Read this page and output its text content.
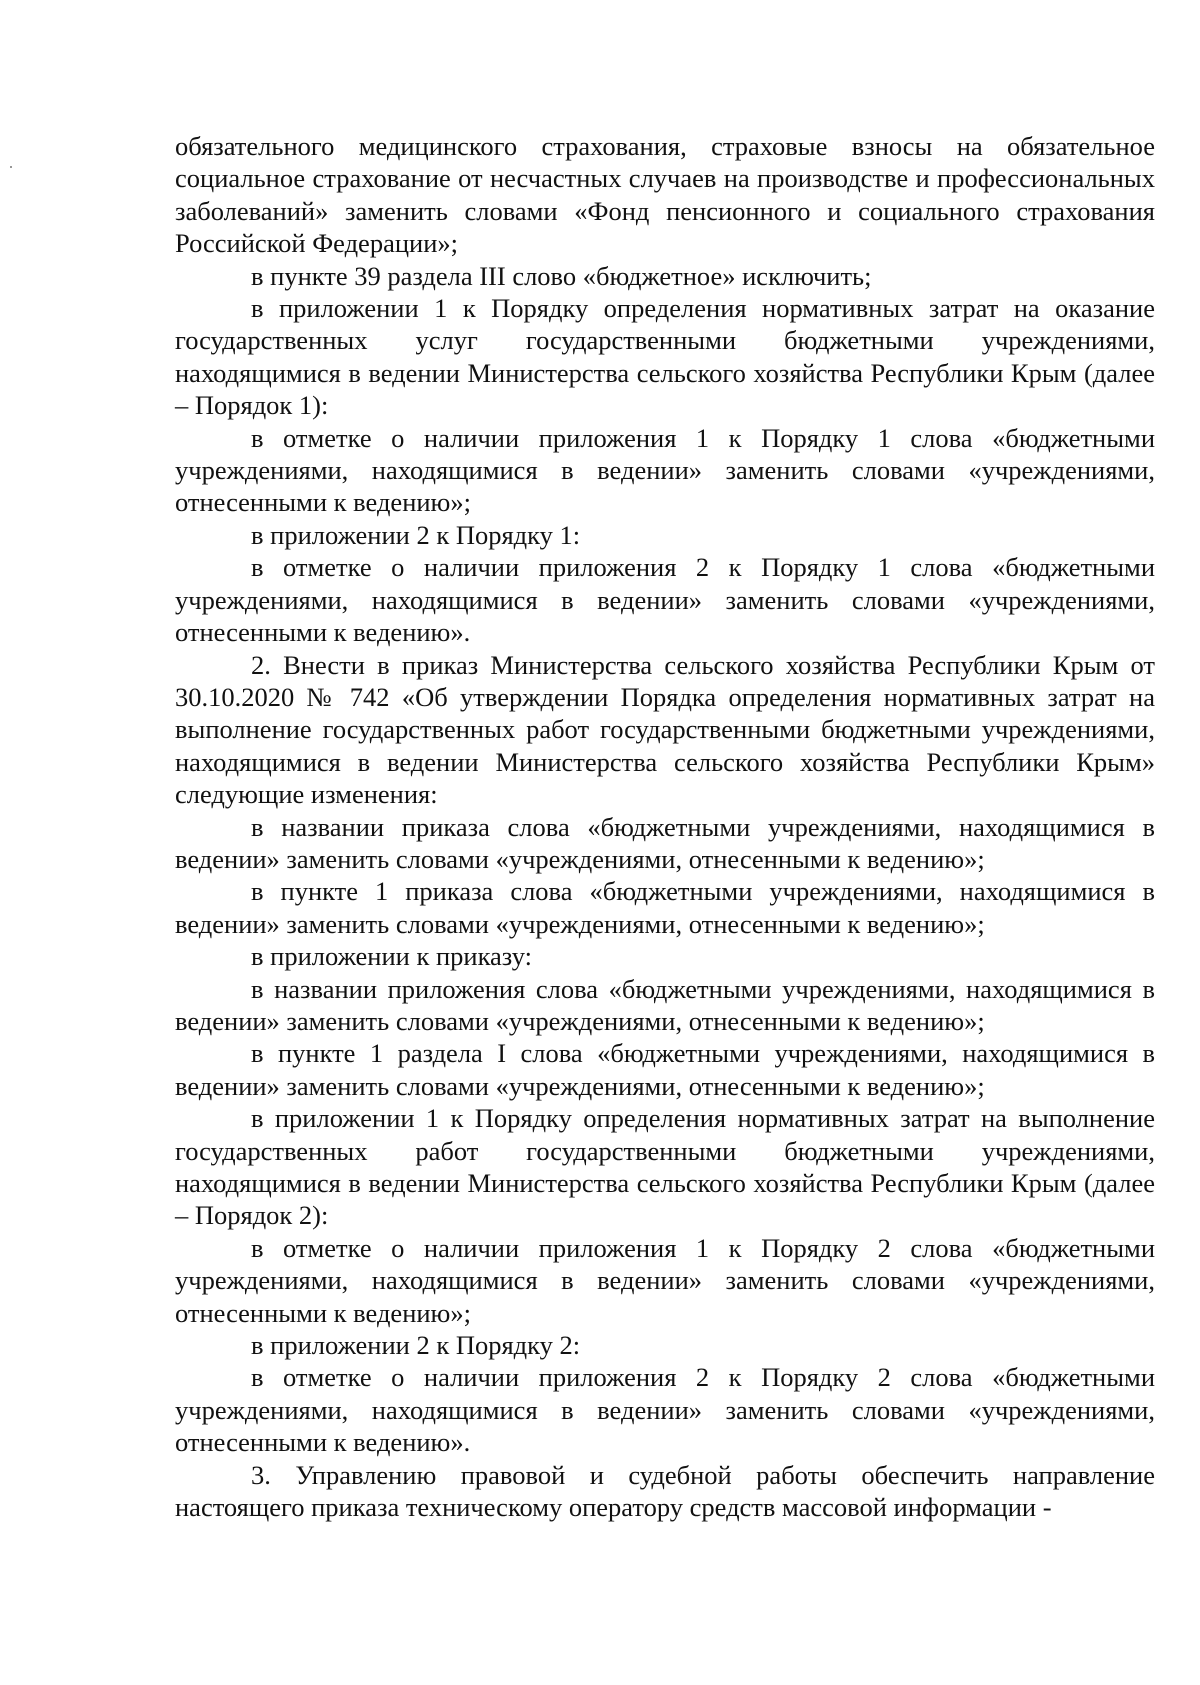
обязательного медицинского страхования, страховые взносы на обязательное социальное страхование от несчастных случаев на производстве и профессиональных заболеваний» заменить словами «Фонд пенсионного и социального страхования Российской Федерации»;

в пункте 39 раздела III слово «бюджетное» исключить;

в приложении 1 к Порядку определения нормативных затрат на оказание государственных услуг государственными бюджетными учреждениями, находящимися в ведении Министерства сельского хозяйства Республики Крым (далее – Порядок 1):

в отметке о наличии приложения 1 к Порядку 1 слова «бюджетными учреждениями, находящимися в ведении» заменить словами «учреждениями, отнесенными к ведению»;

в приложении 2 к Порядку 1:

в отметке о наличии приложения 2 к Порядку 1 слова «бюджетными учреждениями, находящимися в ведении» заменить словами «учреждениями, отнесенными к ведению».

2. Внести в приказ Министерства сельского хозяйства Республики Крым от 30.10.2020 № 742 «Об утверждении Порядка определения нормативных затрат на выполнение государственных работ государственными бюджетными учреждениями, находящимися в ведении Министерства сельского хозяйства Республики Крым» следующие изменения:

в названии приказа слова «бюджетными учреждениями, находящимися в ведении» заменить словами «учреждениями, отнесенными к ведению»;

в пункте 1 приказа слова «бюджетными учреждениями, находящимися в ведении» заменить словами «учреждениями, отнесенными к ведению»;

в приложении к приказу:

в названии приложения слова «бюджетными учреждениями, находящимися в ведении» заменить словами «учреждениями, отнесенными к ведению»;

в пункте 1 раздела I слова «бюджетными учреждениями, находящимися в ведении» заменить словами «учреждениями, отнесенными к ведению»;

в приложении 1 к Порядку определения нормативных затрат на выполнение государственных работ государственными бюджетными учреждениями, находящимися в ведении Министерства сельского хозяйства Республики Крым (далее – Порядок 2):

в отметке о наличии приложения 1 к Порядку 2 слова «бюджетными учреждениями, находящимися в ведении» заменить словами «учреждениями, отнесенными к ведению»;

в приложении 2 к Порядку 2:

в отметке о наличии приложения 2 к Порядку 2 слова «бюджетными учреждениями, находящимися в ведении» заменить словами «учреждениями, отнесенными к ведению».

3. Управлению правовой и судебной работы обеспечить направление настоящего приказа техническому оператору средств массовой информации -
